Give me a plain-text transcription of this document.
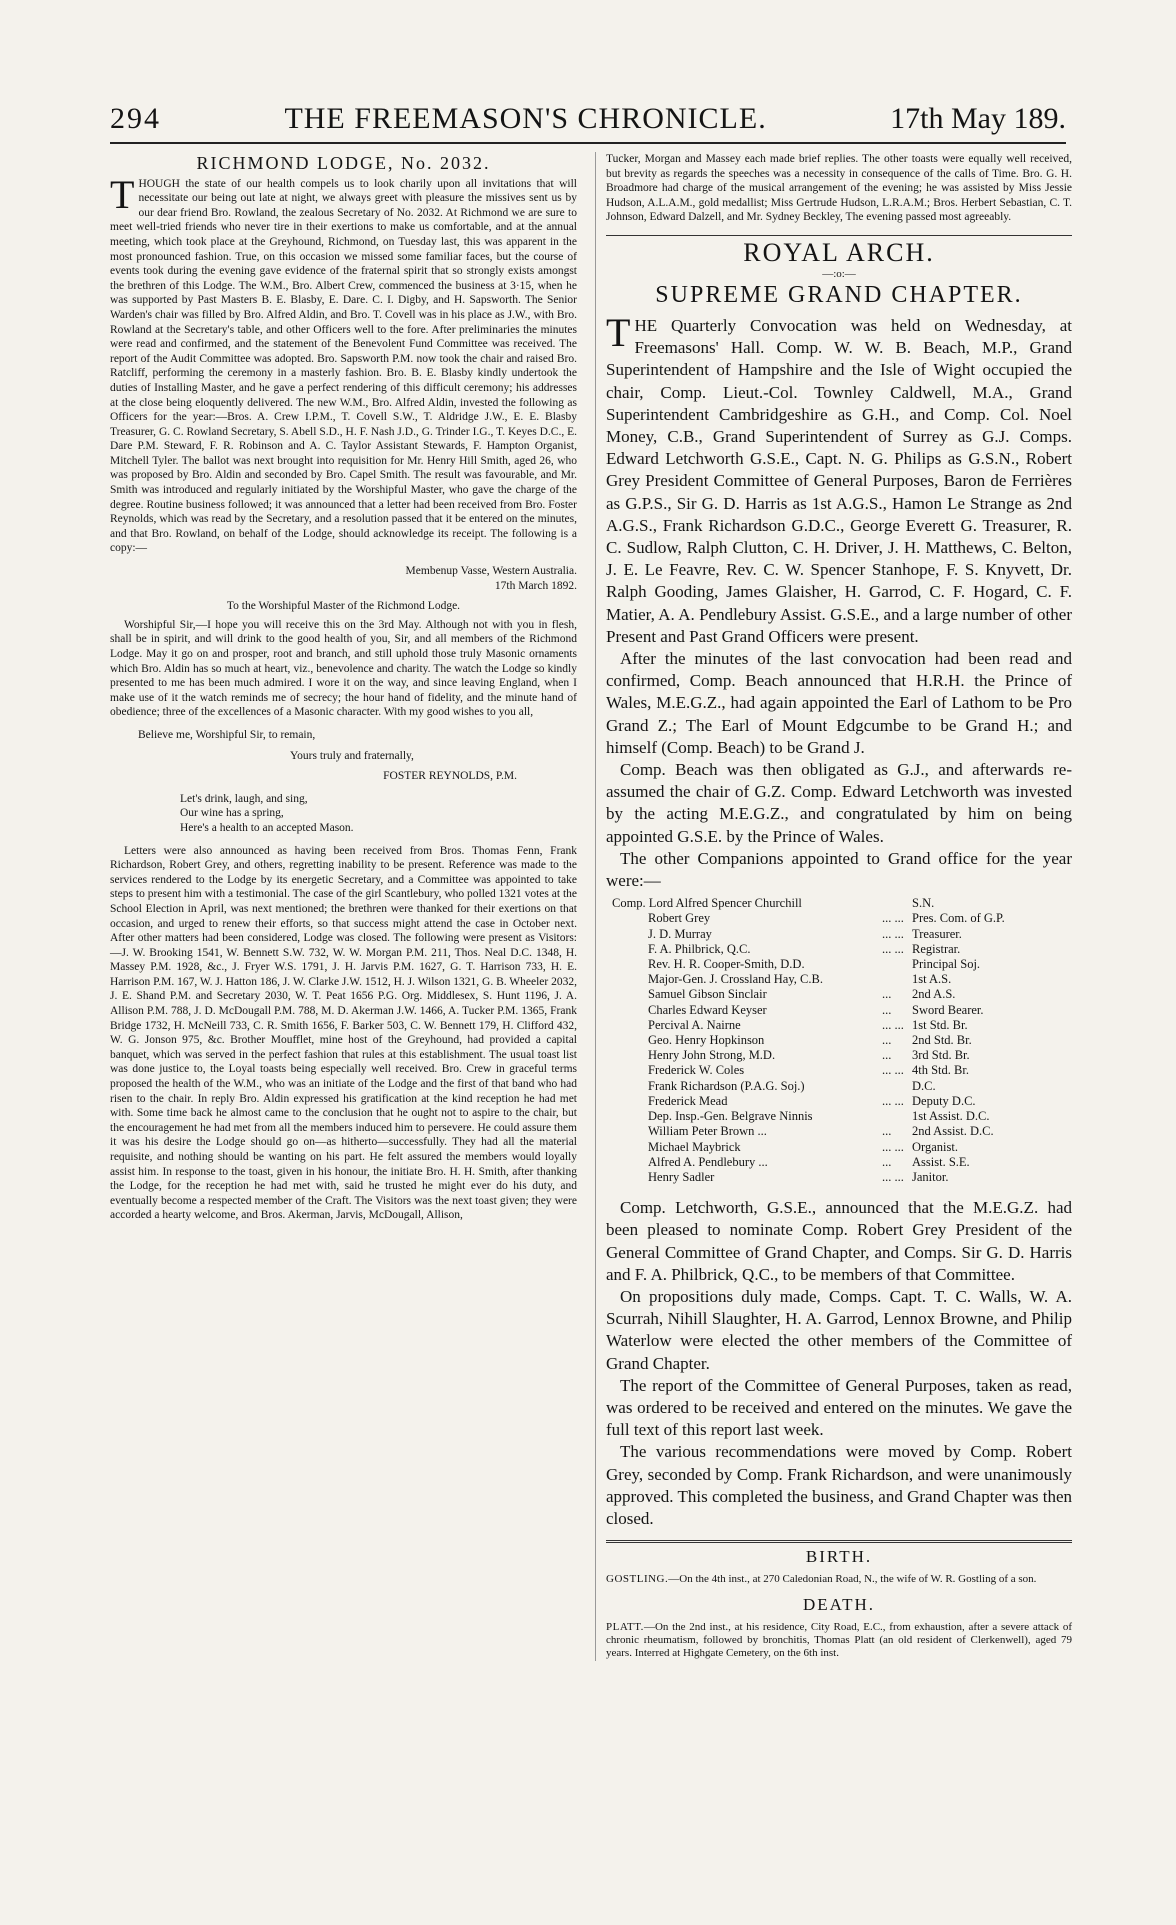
294	THE FREEMASON'S CHRONICLE.	17th May 189.
RICHMOND LODGE, No. 2032.

THOUGH the state of our health compels us to look charily upon all invitations that will necessitate our being out late at night, we always greet with pleasure the missives sent us by our dear friend Bro. Rowland, the zealous Secretary of No. 2032. At Richmond we are sure to meet well-tried friends who never tire in their exertions to make us comfortable, and at the annual meeting, which took place at the Greyhound, Richmond, on Tuesday last, this was apparent in the most pronounced fashion. True, on this occasion we missed some familiar faces, but the course of events took during the evening gave evidence of the fraternal spirit that so strongly exists amongst the brethren of this Lodge. The W.M., Bro. Albert Crew, commenced the business at 3·15, when he was supported by Past Masters B. E. Blasby, E. Dare. C. I. Digby, and H. Sapsworth. The Senior Warden's chair was filled by Bro. Alfred Aldin, and Bro. T. Covell was in his place as J.W., with Bro. Rowland at the Secretary's table, and other Officers well to the fore. After preliminaries the minutes were read and confirmed, and the statement of the Benevolent Fund Committee was received. The report of the Audit Committee was adopted. Bro. Sapsworth P.M. now took the chair and raised Bro. Ratcliff, performing the ceremony in a masterly fashion. Bro. B. E. Blasby kindly undertook the duties of Installing Master, and he gave a perfect rendering of this difficult ceremony; his addresses at the close being eloquently delivered. The new W.M., Bro. Alfred Aldin, invested the following as Officers for the year:—Bros. A. Crew I.P.M., T. Covell S.W., T. Aldridge J.W., E. E. Blasby Treasurer, G. C. Rowland Secretary, S. Abell S.D., H. F. Nash J.D., G. Trinder I.G., T. Keyes D.C., E. Dare P.M. Steward, F. R. Robinson and A. C. Taylor Assistant Stewards, F. Hampton Organist, Mitchell Tyler. The ballot was next brought into requisition for Mr. Henry Hill Smith, aged 26, who was proposed by Bro. Aldin and seconded by Bro. Capel Smith. The result was favourable, and Mr. Smith was introduced and regularly initiated by the Worshipful Master, who gave the charge of the degree. Routine business followed; it was announced that a letter had been received from Bro. Foster Reynolds, which was read by the Secretary, and a resolution passed that it be entered on the minutes, and that Bro. Rowland, on behalf of the Lodge, should acknowledge its receipt. The following is a copy:—

Membenup Vasse, Western Australia.

17th March 1892.

To the Worshipful Master of the Richmond Lodge.

Worshipful Sir,—I hope you will receive this on the 3rd May. Although not with you in flesh, shall be in spirit, and will drink to the good health of you, Sir, and all members of the Richmond Lodge. May it go on and prosper, root and branch, and still uphold those truly Masonic ornaments which Bro. Aldin has so much at heart, viz., benevolence and charity. The watch the Lodge so kindly presented to me has been much admired. I wore it on the way, and since leaving England, when I make use of it the watch reminds me of secrecy; the hour hand of fidelity, and the minute hand of obedience; three of the excellences of a Masonic character. With my good wishes to you all,

Believe me, Worshipful Sir, to remain,

Yours truly and fraternally,

FOSTER REYNOLDS, P.M.

Let's drink, laugh, and sing,

Our wine has a spring,

Here's a health to an accepted Mason.

Letters were also announced as having been received from Bros. Thomas Fenn, Frank Richardson, Robert Grey, and others, regretting inability to be present. Reference was made to the services rendered to the Lodge by its energetic Secretary, and a Committee was appointed to take steps to present him with a testimonial. The case of the girl Scantlebury, who polled 1321 votes at the School Election in April, was next mentioned; the brethren were thanked for their exertions on that occasion, and urged to renew their efforts, so that success might attend the case in October next. After other matters had been considered, Lodge was closed. The following were present as Visitors:—J. W. Brooking 1541, W. Bennett S.W. 732, W. W. Morgan P.M. 211, Thos. Neal D.C. 1348, H. Massey P.M. 1928, &c., J. Fryer W.S. 1791, J. H. Jarvis P.M. 1627, G. T. Harrison 733, H. E. Harrison P.M. 167, W. J. Hatton 186, J. W. Clarke J.W. 1512, H. J. Wilson 1321, G. B. Wheeler 2032, J. E. Shand P.M. and Secretary 2030, W. T. Peat 1656 P.G. Org. Middlesex, S. Hunt 1196, J. A. Allison P.M. 788, J. D. McDougall P.M. 788, M. D. Akerman J.W. 1466, A. Tucker P.M. 1365, Frank Bridge 1732, H. McNeill 733, C. R. Smith 1656, F. Barker 503, C. W. Bennett 179, H. Clifford 432, W. G. Jonson 975, &c. Brother Moufflet, mine host of the Greyhound, had provided a capital banquet, which was served in the perfect fashion that rules at this establishment. The usual toast list was done justice to, the Loyal toasts being especially well received. Bro. Crew in graceful terms proposed the health of the W.M., who was an initiate of the Lodge and the first of that band who had risen to the chair. In reply Bro. Aldin expressed his gratification at the kind reception he had met with. Some time back he almost came to the conclusion that he ought not to aspire to the chair, but the encouragement he had met from all the members induced him to persevere. He could assure them it was his desire the Lodge should go on—as hitherto—successfully. They had all the material requisite, and nothing should be wanting on his part. He felt assured the members would loyally assist him. In response to the toast, given in his honour, the initiate Bro. H. H. Smith, after thanking the Lodge, for the reception he had met with, said he trusted he might ever do his duty, and eventually become a respected member of the Craft. The Visitors was the next toast given; they were accorded a hearty welcome, and Bros. Akerman, Jarvis, McDougall, Allison,

Tucker, Morgan and Massey each made brief replies. The other toasts were equally well received, but brevity as regards the speeches was a necessity in consequence of the calls of Time. Bro. G. H. Broadmore had charge of the musical arrangement of the evening; he was assisted by Miss Jessie Hudson, A.L.A.M., gold medallist; Miss Gertrude Hudson, L.R.A.M.; Bros. Herbert Sebastian, C. T. Johnson, Edward Dalzell, and Mr. Sydney Beckley, The evening passed most agreeably.

ROYAL ARCH.

—:o:—

SUPREME GRAND CHAPTER.

THE Quarterly Convocation was held on Wednesday, at Freemasons' Hall. Comp. W. W. B. Beach, M.P., Grand Superintendent of Hampshire and the Isle of Wight occupied the chair, Comp. Lieut.-Col. Townley Caldwell, M.A., Grand Superintendent Cambridgeshire as G.H., and Comp. Col. Noel Money, C.B., Grand Superintendent of Surrey as G.J. Comps. Edward Letchworth G.S.E., Capt. N. G. Philips as G.S.N., Robert Grey President Committee of General Purposes, Baron de Ferrières as G.P.S., Sir G. D. Harris as 1st A.G.S., Hamon Le Strange as 2nd A.G.S., Frank Richardson G.D.C., George Everett G. Treasurer, R. C. Sudlow, Ralph Clutton, C. H. Driver, J. H. Matthews, C. Belton, J. E. Le Feavre, Rev. C. W. Spencer Stanhope, F. S. Knyvett, Dr. Ralph Gooding, James Glaisher, H. Garrod, C. F. Hogard, C. F. Matier, A. A. Pendlebury Assist. G.S.E., and a large number of other Present and Past Grand Officers were present.

After the minutes of the last convocation had been read and confirmed, Comp. Beach announced that H.R.H. the Prince of Wales, M.E.G.Z., had again appointed the Earl of Lathom to be Pro Grand Z.; The Earl of Mount Edgcumbe to be Grand H.; and himself (Comp. Beach) to be Grand J.

Comp. Beach was then obligated as G.J., and afterwards re-assumed the chair of G.Z. Comp. Edward Letchworth was invested by the acting M.E.G.Z., and congratulated by him on being appointed G.S.E. by the Prince of Wales.

The other Companions appointed to Grand office for the year were:—

Comp. Lord Alfred Spencer Churchill		S.N.
Robert Grey	... ...	Pres. Com. of G.P.
J. D. Murray	... ...	Treasurer.
F. A. Philbrick, Q.C.	... ...	Registrar.
Rev. H. R. Cooper-Smith, D.D.		Principal Soj.
Major-Gen. J. Crossland Hay, C.B.		1st A.S.
Samuel Gibson Sinclair	...	2nd A.S.
Charles Edward Keyser	...	Sword Bearer.
Percival A. Nairne	... ...	1st Std. Br.
Geo. Henry Hopkinson	...	2nd Std. Br.
Henry John Strong, M.D.	...	3rd Std. Br.
Frederick W. Coles	... ...	4th Std. Br.
Frank Richardson (P.A.G. Soj.)		D.C.
Frederick Mead	... ...	Deputy D.C.
Dep. Insp.-Gen. Belgrave Ninnis		1st Assist. D.C.
William Peter Brown ...	...	2nd Assist. D.C.
Michael Maybrick	... ...	Organist.
Alfred A. Pendlebury ...	...	Assist. S.E.
Henry Sadler	... ...	Janitor.

Comp. Letchworth, G.S.E., announced that the M.E.G.Z. had been pleased to nominate Comp. Robert Grey President of the General Committee of Grand Chapter, and Comps. Sir G. D. Harris and F. A. Philbrick, Q.C., to be members of that Committee.

On propositions duly made, Comps. Capt. T. C. Walls, W. A. Scurrah, Nihill Slaughter, H. A. Garrod, Lennox Browne, and Philip Waterlow were elected the other members of the Committee of Grand Chapter.

The report of the Committee of General Purposes, taken as read, was ordered to be received and entered on the minutes. We gave the full text of this report last week.

The various recommendations were moved by Comp. Robert Grey, seconded by Comp. Frank Richardson, and were unanimously approved. This completed the business, and Grand Chapter was then closed.

BIRTH.

GOSTLING.—On the 4th inst., at 270 Caledonian Road, N., the wife of W. R. Gostling of a son.

DEATH.

PLATT.—On the 2nd inst., at his residence, City Road, E.C., from exhaustion, after a severe attack of chronic rheumatism, followed by bronchitis, Thomas Platt (an old resident of Clerkenwell), aged 79 years. Interred at Highgate Cemetery, on the 6th inst.
